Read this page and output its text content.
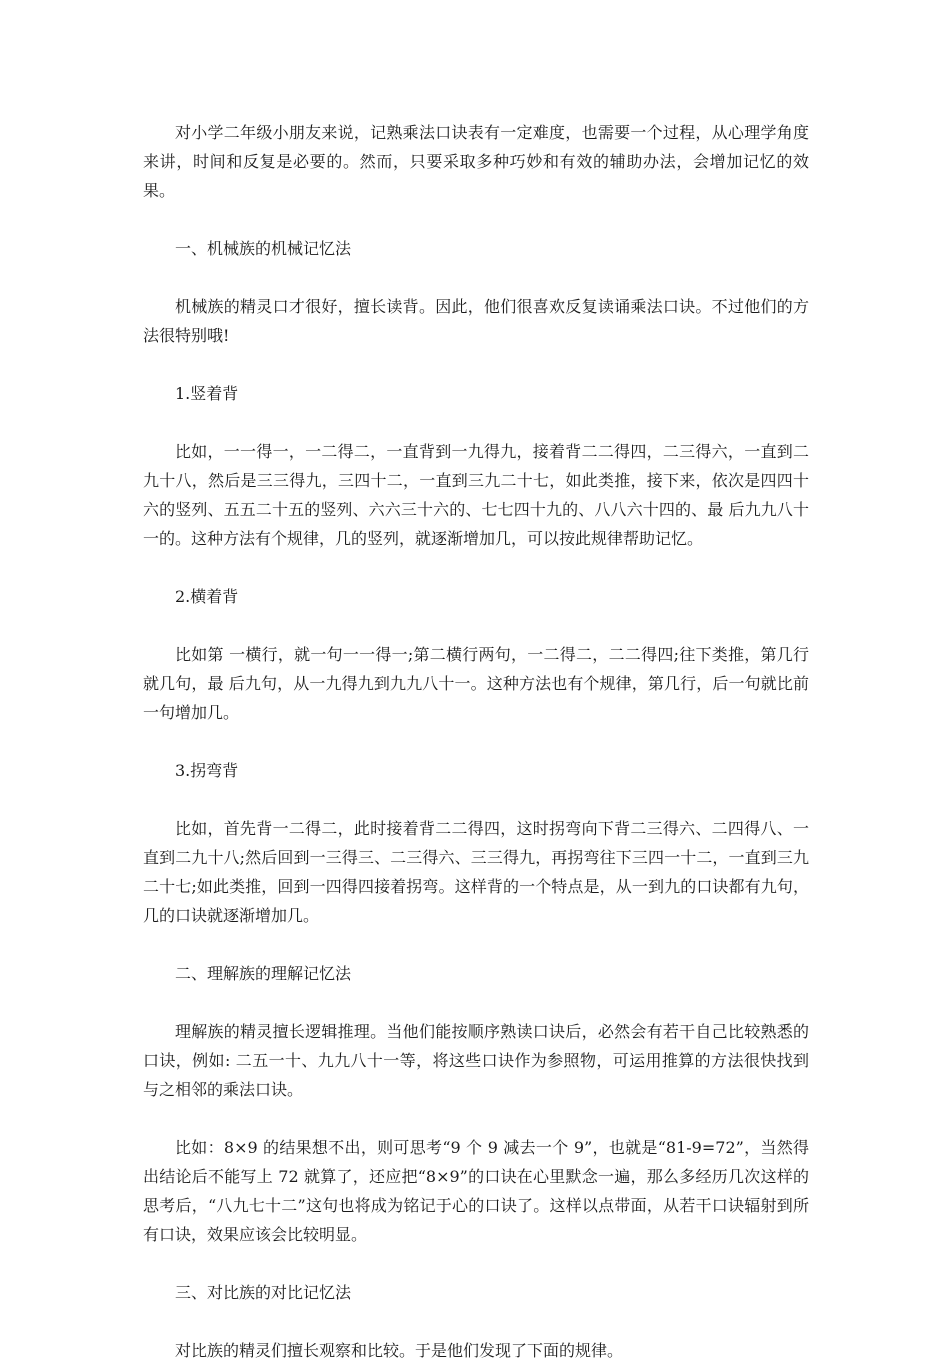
对小学二年级小朋友来说，记熟乘法口诀表有一定难度，也需要一个过程，从心理学角度来讲，时间和反复是必要的。然而，只要采取多种巧妙和有效的辅助办法，会增加记忆的效果。

一、机械族的机械记忆法

机械族的精灵口才很好，擅长读背。因此，他们很喜欢反复读诵乘法口诀。不过他们的方法很特别哦!

1.竖着背

比如，一一得一，一二得二，一直背到一九得九，接着背二二得四，二三得六，一直到二九十八，然后是三三得九，三四十二，一直到三九二十七，如此类推，接下来，依次是四四十六的竖列、五五二十五的竖列、六六三十六的、七七四十九的、八八六十四的、最 后九九八十一的。这种方法有个规律，几的竖列，就逐渐增加几，可以按此规律帮助记忆。

2.横着背

比如第 一横行，就一句一一得一;第二横行两句，一二得二，二二得四;往下类推，第几行就几句，最 后九句，从一九得九到九九八十一。这种方法也有个规律，第几行，后一句就比前一句增加几。

3.拐弯背

比如，首先背一二得二，此时接着背二二得四，这时拐弯向下背二三得六、二四得八、一直到二九十八;然后回到一三得三、二三得六、三三得九，再拐弯往下三四一十二，一直到三九二十七;如此类推，回到一四得四接着拐弯。这样背的一个特点是，从一到九的口诀都有九句，几的口诀就逐渐增加几。

二、理解族的理解记忆法

理解族的精灵擅长逻辑推理。当他们能按顺序熟读口诀后，必然会有若干自己比较熟悉的口诀，例如: 二五一十、九九八十一等，将这些口诀作为参照物，可运用推算的方法很快找到与之相邻的乘法口诀。

比如：8×9 的结果想不出，则可思考“9 个 9 减去一个 9”，也就是“81-9=72”，当然得出结论后不能写上 72 就算了，还应把“8×9”的口诀在心里默念一遍，那么多经历几次这样的思考后，“八九七十二”这句也将成为铭记于心的口诀了。这样以点带面，从若干口诀辐射到所有口诀，效果应该会比较明显。

三、对比族的对比记忆法

对比族的精灵们擅长观察和比较。于是他们发现了下面的规律。
